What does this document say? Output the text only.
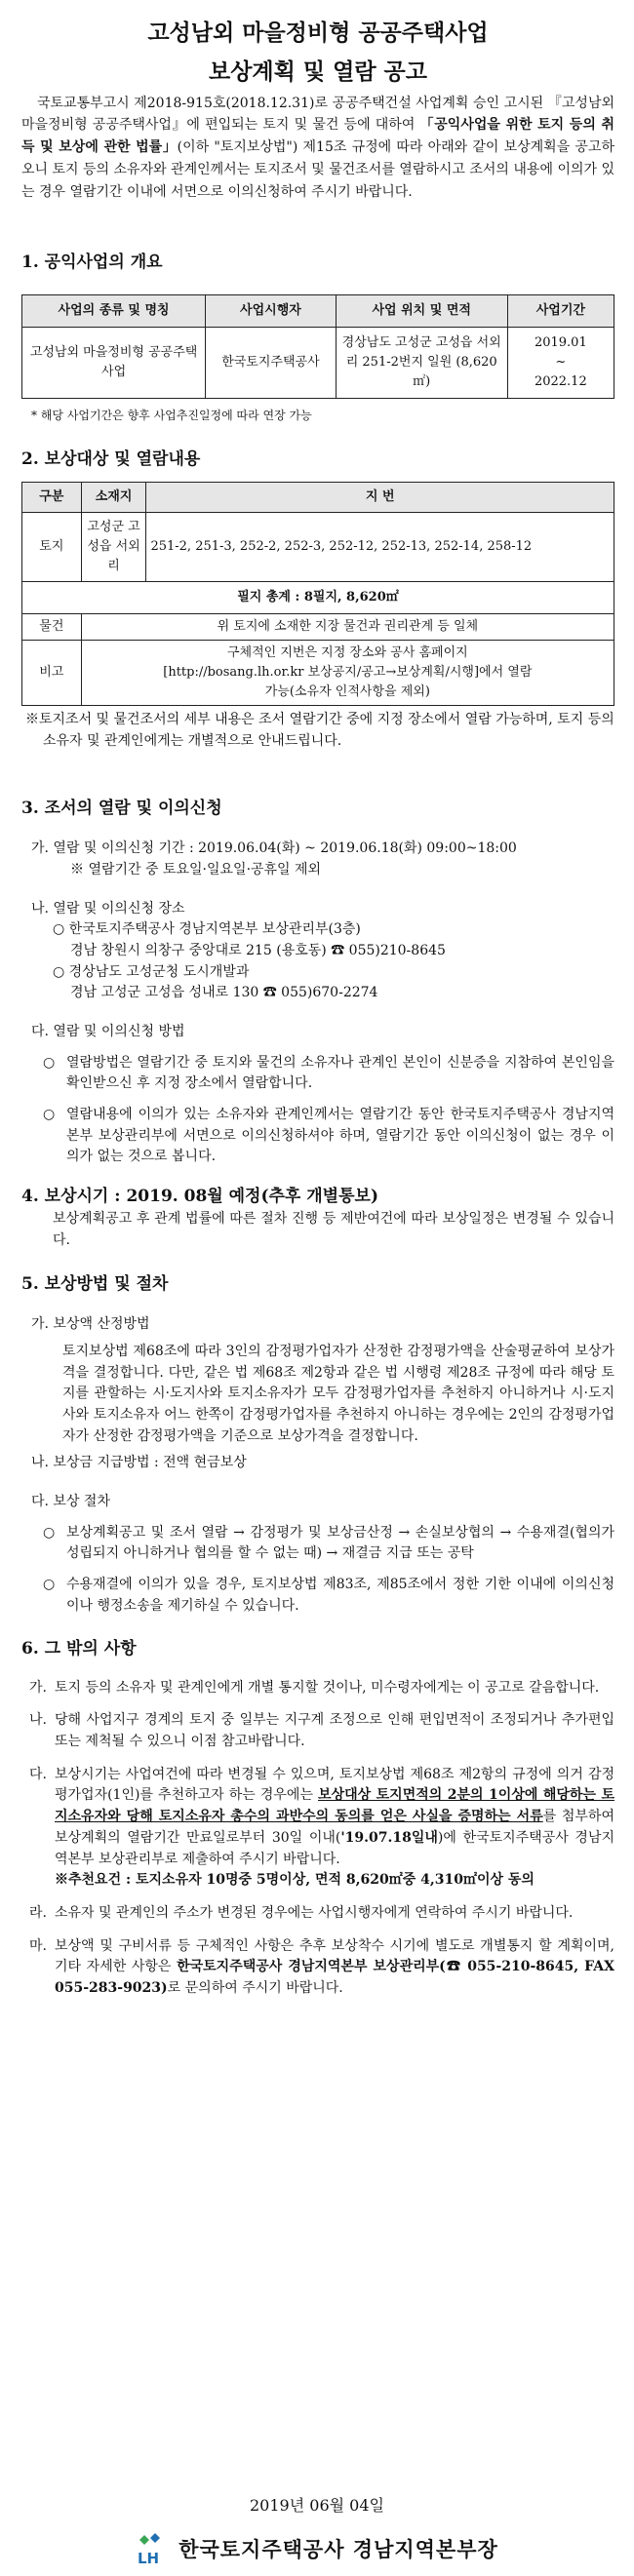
고성남외 마을정비형 공공주택사업
보상계획 및 열람 공고

국토교통부고시 제2018-915호(2018.12.31)로 공공주택건설 사업계획 승인 고시된 『고성남외 마을정비형 공공주택사업』에 편입되는 토지 및 물건 등에 대하여 「공익사업을 위한 토지 등의 취득 및 보상에 관한 법률」(이하 "토지보상법") 제15조 규정에 따라 아래와 같이 보상계획을 공고하오니 토지 등의 소유자와 관계인께서는 토지조서 및 물건조서를 열람하시고 조서의 내용에 이의가 있는 경우 열람기간 이내에 서면으로 이의신청하여 주시기 바랍니다.

1. 공익사업의 개요

사업의 종류 및 명칭	사업시행자	사업 위치 및 면적	사업기간
고성남외 마을정비형 공공주택사업	한국토지주택공사	경상남도 고성군 고성읍 서외리 251-2번지 일원 (8,620㎡)	2019.01
~
2022.12
* 해당 사업기간은 향후 사업추진일정에 따라 연장 가능

2. 보상대상 및 열람내용

구분	소재지	지 번
토지	고성군 고성읍 서외리	251-2, 251-3, 252-2, 252-3, 252-12, 252-13, 252-14, 258-12
필지 총계 : 8필지, 8,620㎡		
물건	위 토지에 소재한 지장 물건과 권리관계 등 일체	
비고	구체적인 지번은 지정 장소와 공사 홈페이지
[http://bosang.lh.or.kr 보상공지/공고→보상계획/시행]에서 열람
가능(소유자 인적사항을 제외)	
※토지조서 및 물건조서의 세부 내용은 조서 열람기간 중에 지정 장소에서 열람 가능하며, 토지 등의 소유자 및 관계인에게는 개별적으로 안내드립니다.

3. 조서의 열람 및 이의신청

가. 열람 및 이의신청 기간 : 2019.06.04(화) ~ 2019.06.18(화) 09:00~18:00

※ 열람기간 중 토요일·일요일·공휴일 제외

나. 열람 및 이의신청 장소

○ 한국토지주택공사 경남지역본부 보상관리부(3층)

경남 창원시 의창구 중앙대로 215 (용호동) ☎ 055)210-8645

○ 경상남도 고성군청 도시개발과

경남 고성군 고성읍 성내로 130 ☎ 055)670-2274

다. 열람 및 이의신청 방법

○ 열람방법은 열람기간 중 토지와 물건의 소유자나 관계인 본인이 신분증을 지참하여 본인임을 확인받으신 후 지정 장소에서 열람합니다.
○ 열람내용에 이의가 있는 소유자와 관계인께서는 열람기간 동안 한국토지주택공사 경남지역본부 보상관리부에 서면으로 이의신청하셔야 하며, 열람기간 동안 이의신청이 없는 경우 이의가 없는 것으로 봅니다.

4. 보상시기 : 2019. 08월 예정(추후 개별통보)

보상계획공고 후 관계 법률에 따른 절차 진행 등 제반여건에 따라 보상일정은 변경될 수 있습니다.

5. 보상방법 및 절차

가. 보상액 산정방법

토지보상법 제68조에 따라 3인의 감정평가업자가 산정한 감정평가액을 산술평균하여 보상가격을 결정합니다. 다만, 같은 법 제68조 제2항과 같은 법 시행령 제28조 규정에 따라 해당 토지를 관할하는 시·도지사와 토지소유자가 모두 감정평가업자를 추천하지 아니하거나 시·도지사와 토지소유자 어느 한쪽이 감정평가업자를 추천하지 아니하는 경우에는 2인의 감정평가업자가 산정한 감정평가액을 기준으로 보상가격을 결정합니다.

나. 보상금 지급방법 : 전액 현금보상

다. 보상 절차

○ 보상계획공고 및 조서 열람 → 감정평가 및 보상금산정 → 손실보상협의 → 수용재결(협의가 성립되지 아니하거나 협의를 할 수 없는 때) → 재결금 지급 또는 공탁
○ 수용재결에 이의가 있을 경우, 토지보상법 제83조, 제85조에서 정한 기한 이내에 이의신청이나 행정소송을 제기하실 수 있습니다.

6. 그 밖의 사항

가. 토지 등의 소유자 및 관계인에게 개별 통지할 것이나, 미수령자에게는 이 공고로 갈음합니다.
나. 당해 사업지구 경계의 토지 중 일부는 지구계 조정으로 인해 편입면적이 조정되거나 추가편입 또는 제척될 수 있으니 이점 참고바랍니다.
다. 보상시기는 사업여건에 따라 변경될 수 있으며, 토지보상법 제68조 제2항의 규정에 의거 감정평가업자(1인)를 추천하고자 하는 경우에는 보상대상 토지면적의 2분의 1이상에 해당하는 토지소유자와 당해 토지소유자 총수의 과반수의 동의를 얻은 사실을 증명하는 서류를 첨부하여 보상계획의 열람기간 만료일로부터 30일 이내('19.07.18일내)에 한국토지주택공사 경남지역본부 보상관리부로 제출하여 주시기 바랍니다.

※추천요건 : 토지소유자 10명중 5명이상, 면적 8,620㎡중 4,310㎡이상 동의

라. 소유자 및 관계인의 주소가 변경된 경우에는 사업시행자에게 연락하여 주시기 바랍니다.
마. 보상액 및 구비서류 등 구체적인 사항은 추후 보상착수 시기에 별도로 개별통지 할 계획이며, 기타 자세한 사항은 한국토지주택공사 경남지역본부 보상관리부(☎ 055-210-8645, FAX 055-283-9023)로 문의하여 주시기 바랍니다.
2019년 06월 04일
LH 한국토지주택공사 경남지역본부장
